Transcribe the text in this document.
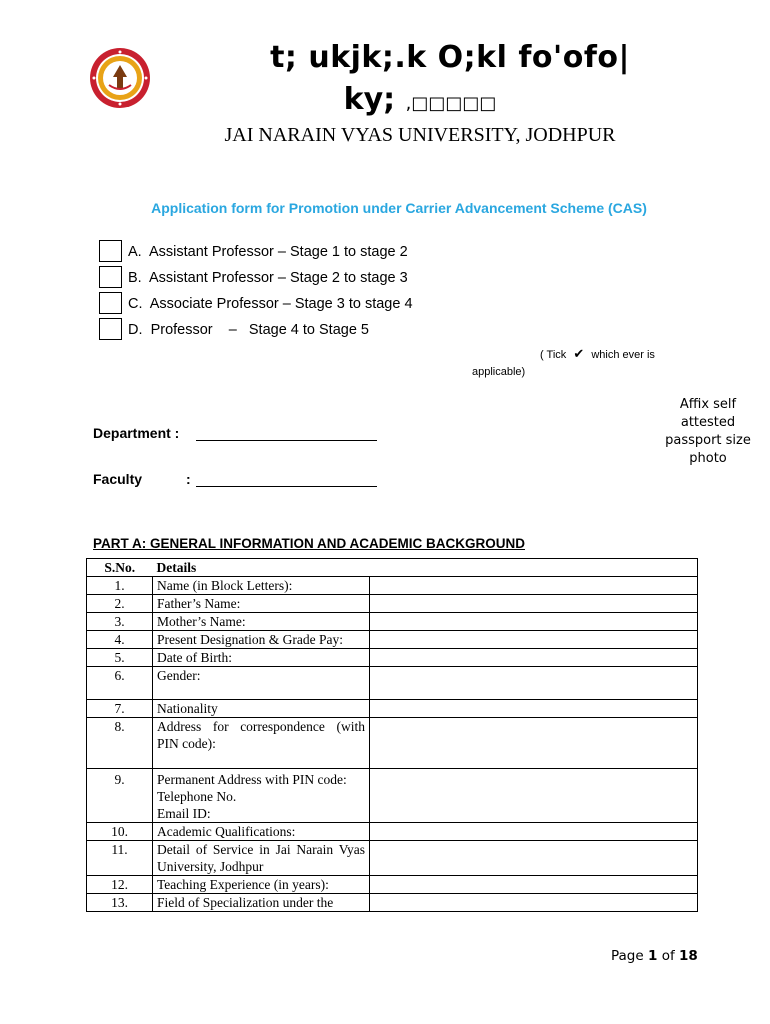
t; ukjk;.k O;kl fo'ofo|
ky; ,□□□□□
JAI NARAIN VYAS UNIVERSITY, JODHPUR
Application form for Promotion under Carrier Advancement Scheme (CAS)
A. Assistant Professor – Stage 1 to stage 2
B. Assistant Professor – Stage 2 to stage 3
C. Associate Professor – Stage 3 to stage 4
D. Professor    –   Stage 4 to Stage 5
( Tick ✔ which ever is
applicable)
Affix self
attested
passport size
photo
Department :
Faculty	:
PART A: GENERAL INFORMATION AND ACADEMIC BACKGROUND
S.No.	Details	
1.	Name (in Block Letters):	
2.	Father’s Name:	
3.	Mother’s Name:	
4.	Present Designation & Grade Pay:	
5.	Date of Birth:	
6.	Gender:	
7.	Nationality	
8.	Address for correspondence (with PIN code):	
9.	Permanent Address with PIN code:
Telephone No.
Email ID:	

10.	Academic Qualifications:	
11.	Detail of Service in Jai Narain Vyas University, Jodhpur	
12.	Teaching Experience (in years):	
13.	Field of Specialization under the	
Page 1 of 18
